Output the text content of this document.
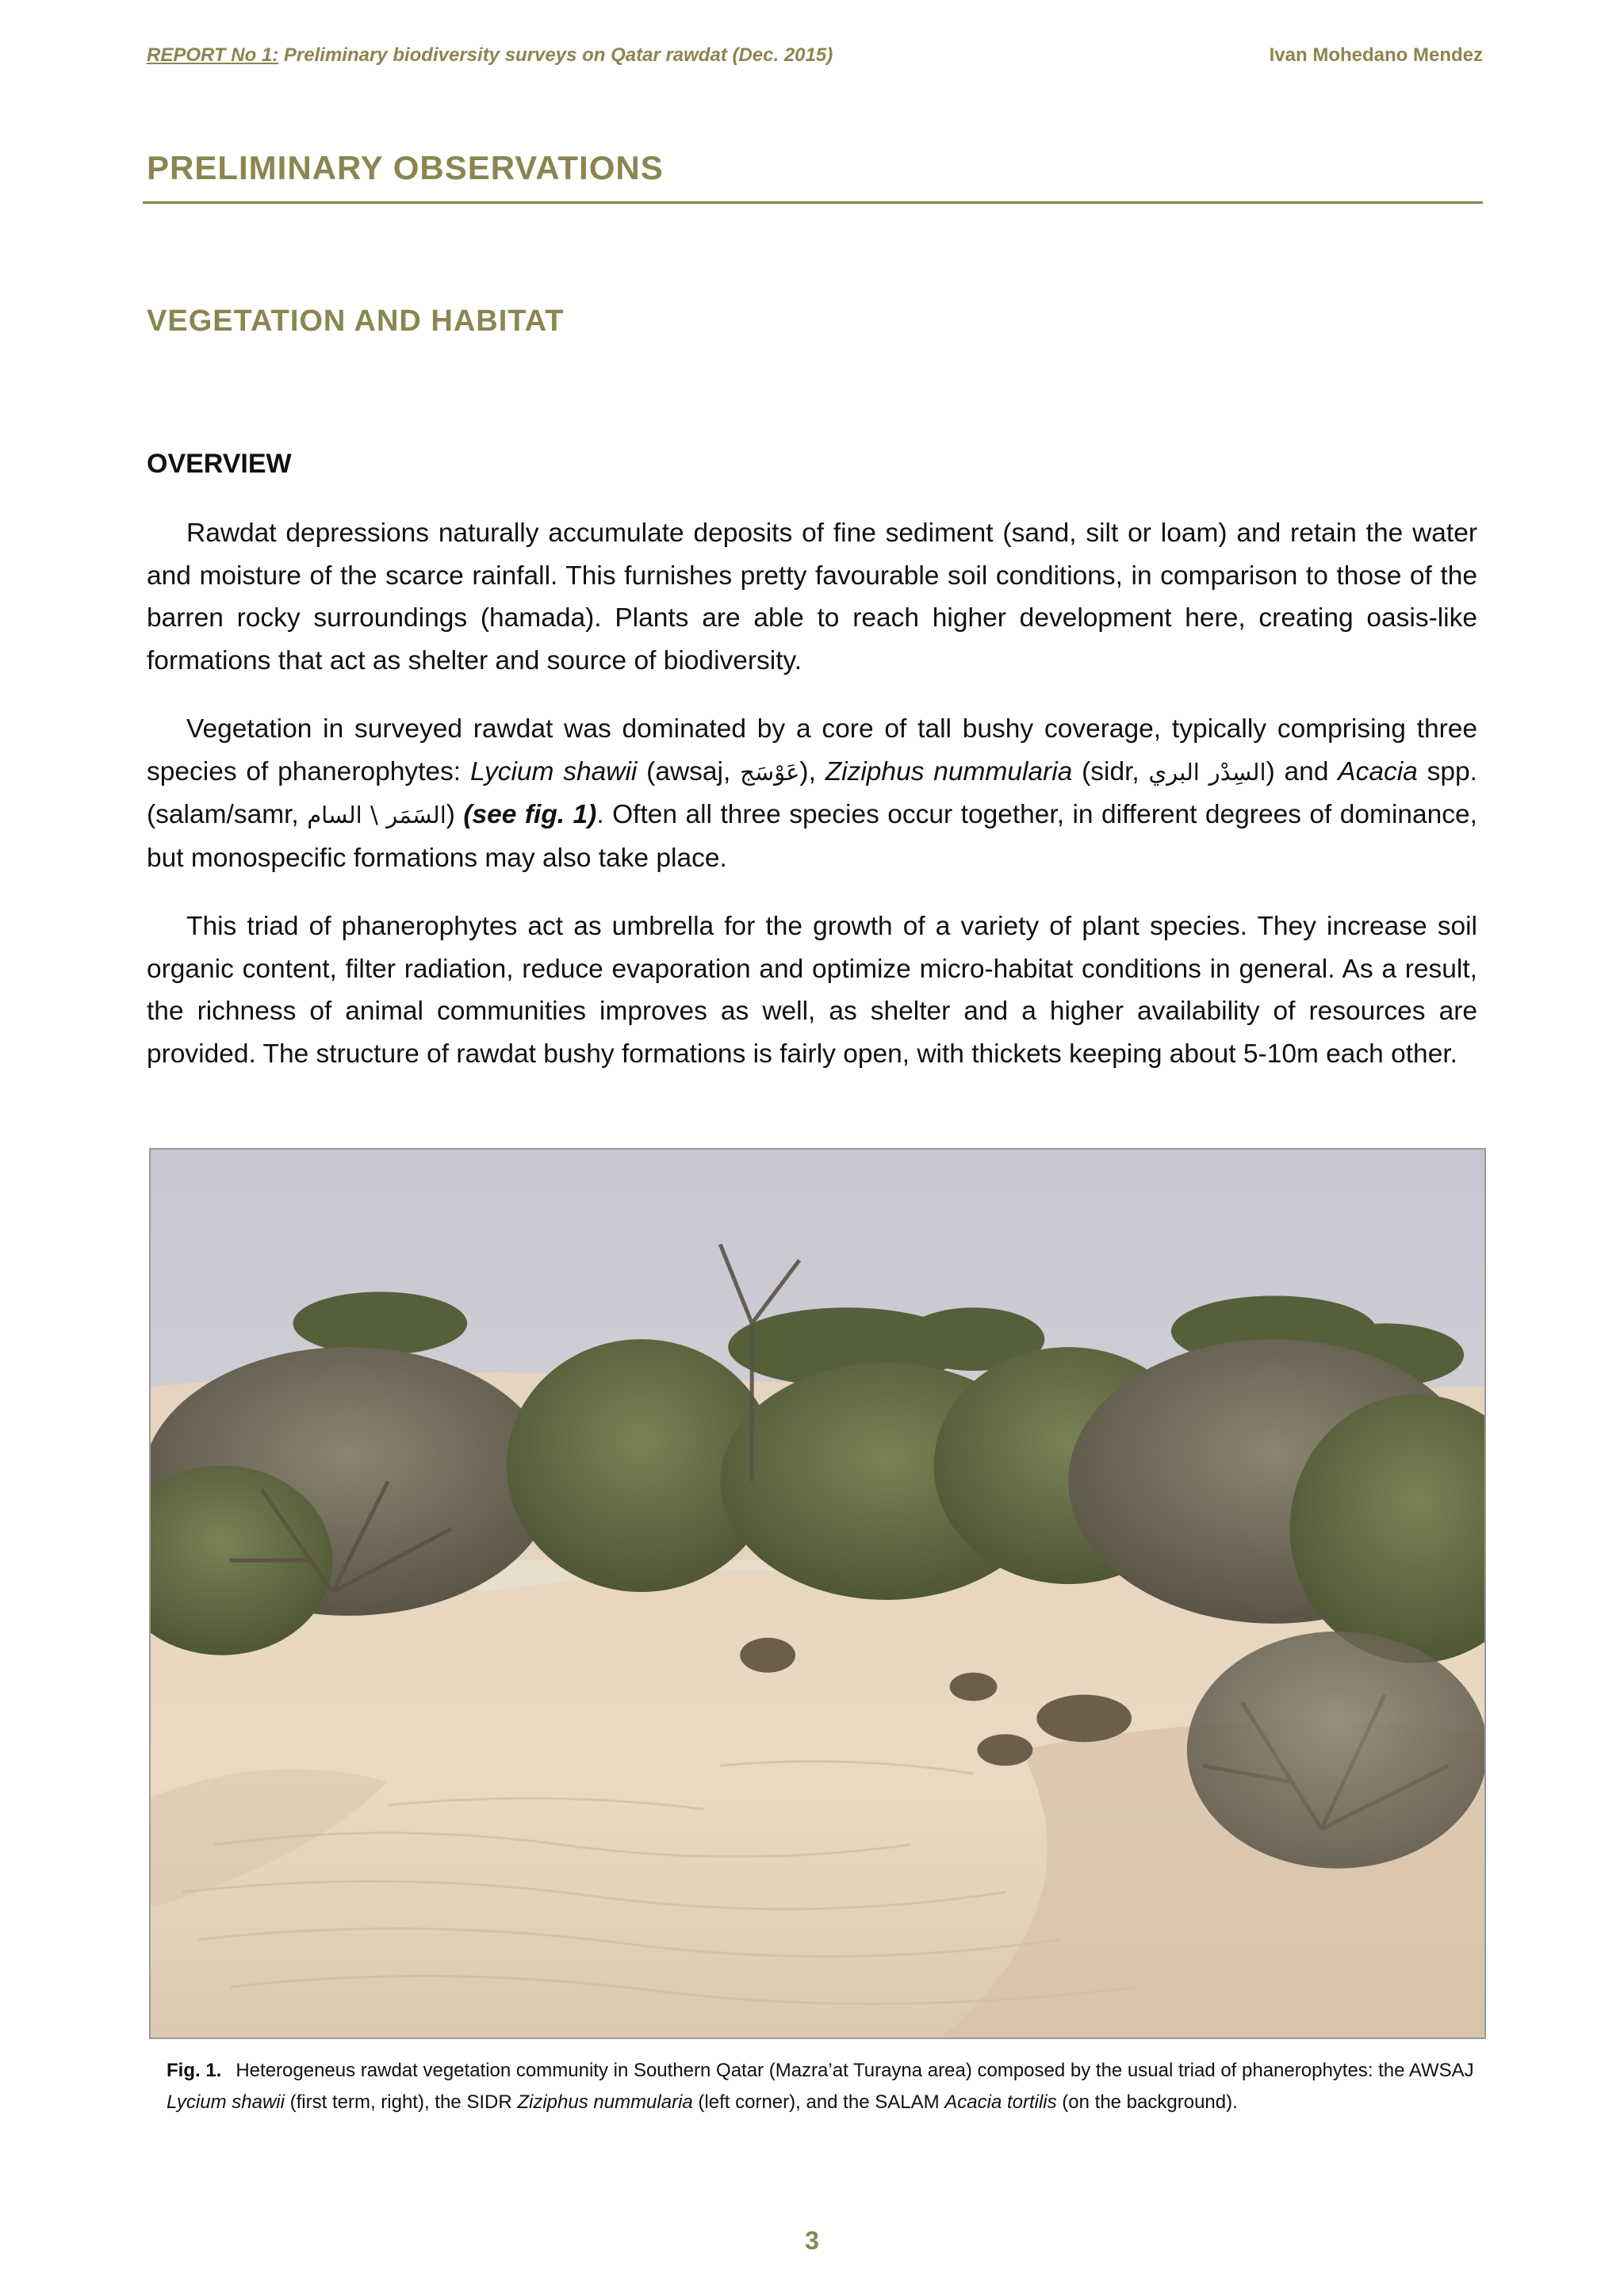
REPORT No 1: Preliminary biodiversity surveys on Qatar rawdat (Dec. 2015)	Ivan Mohedano Mendez
PRELIMINARY OBSERVATIONS
VEGETATION AND HABITAT
OVERVIEW

Rawdat depressions naturally accumulate deposits of fine sediment (sand, silt or loam) and retain the water and moisture of the scarce rainfall. This furnishes pretty favourable soil conditions, in comparison to those of the barren rocky surroundings (hamada). Plants are able to reach higher development here, creating oasis-like formations that act as shelter and source of biodiversity.

Vegetation in surveyed rawdat was dominated by a core of tall bushy coverage, typically comprising three species of phanerophytes: Lycium shawii (awsaj, عَوْسَج), Ziziphus nummularia (sidr, السِدْر البري) and Acacia spp. (salam/samr, السَمَر \ السام) (see fig. 1). Often all three species occur together, in different degrees of dominance, but monospecific formations may also take place.

This triad of phanerophytes act as umbrella for the growth of a variety of plant species. They increase soil organic content, filter radiation, reduce evaporation and optimize micro-habitat conditions in general. As a result, the richness of animal communities improves as well, as shelter and a higher availability of resources are provided. The structure of rawdat bushy formations is fairly open, with thickets keeping about 5-10m each other.

Fig. 1. Heterogeneus rawdat vegetation community in Southern Qatar (Mazra’at Turayna area) composed by the usual triad of phanerophytes: the AWSAJ Lycium shawii (first term, right), the SIDR Ziziphus nummularia (left corner), and the SALAM Acacia tortilis (on the background).
3
